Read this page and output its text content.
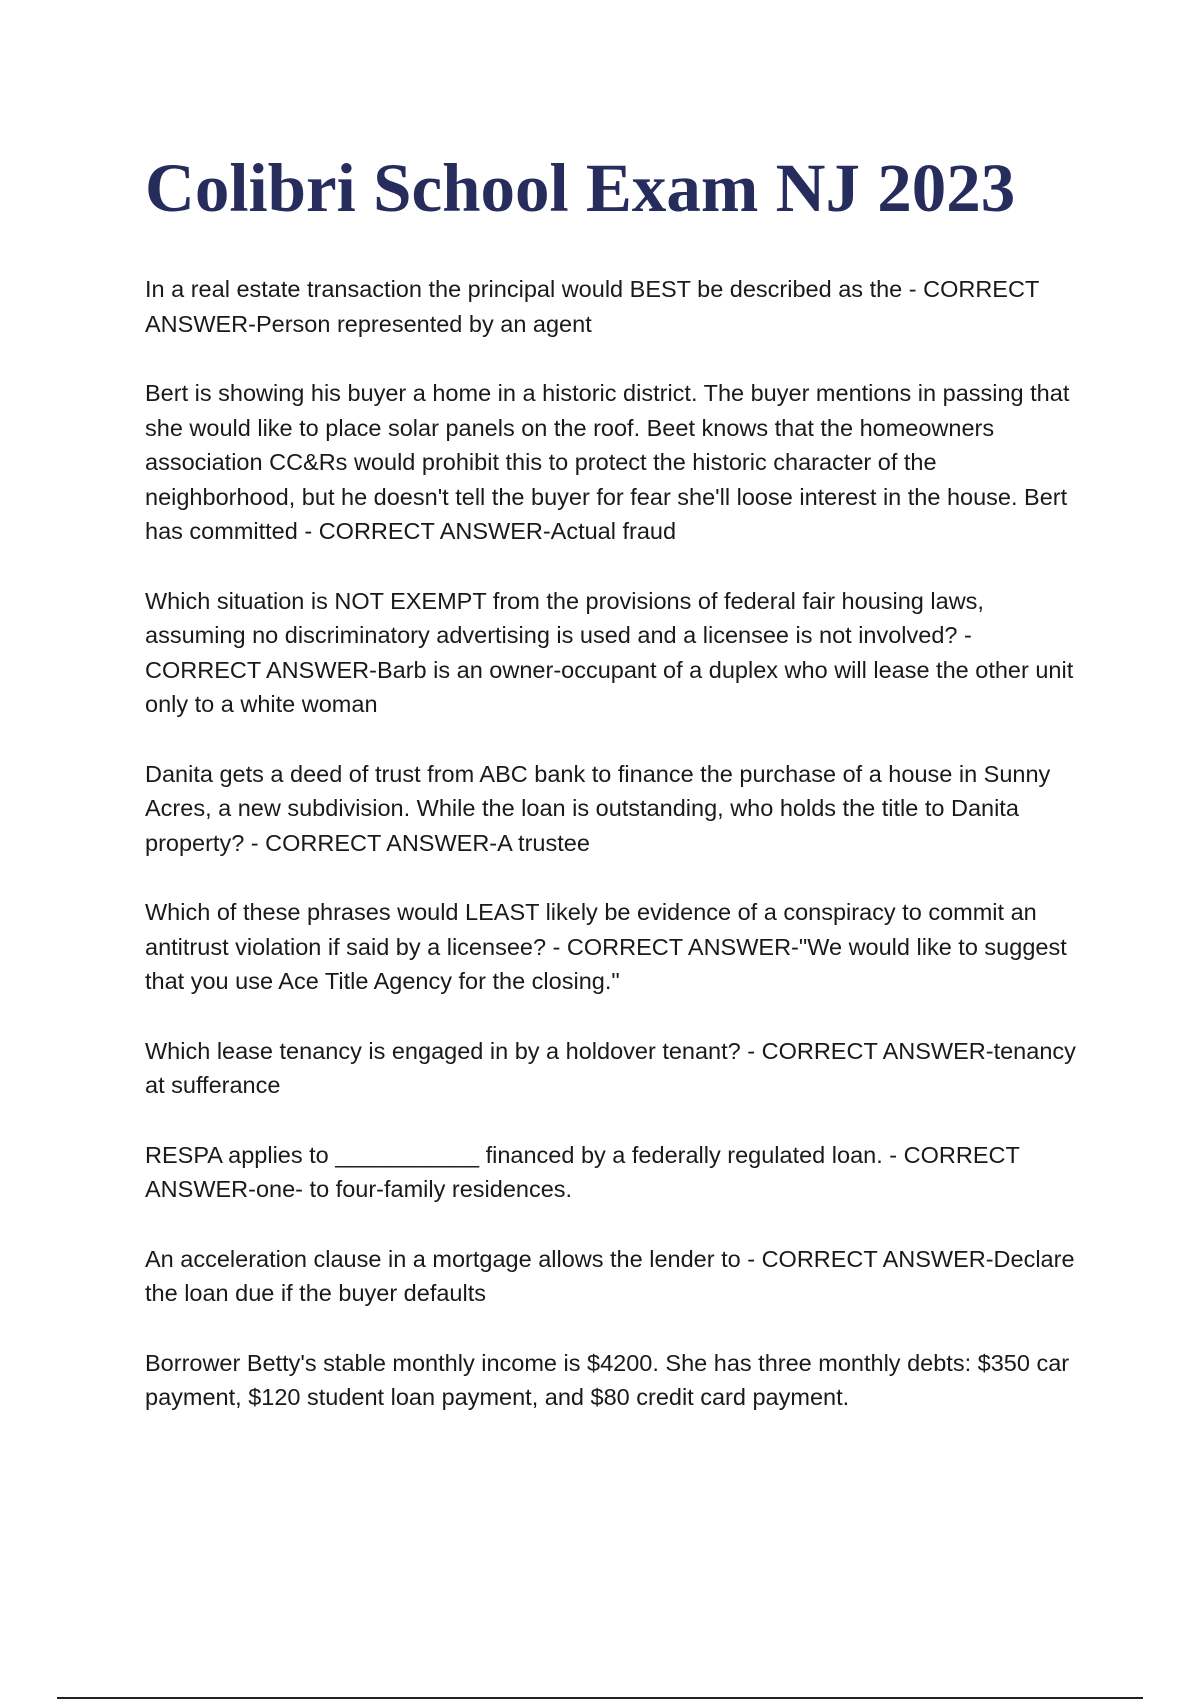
Colibri School Exam NJ 2023

In a real estate transaction the principal would BEST be described as the - CORRECT ANSWER-Person represented by an agent

Bert is showing his buyer a home in a historic district. The buyer mentions in passing that she would like to place solar panels on the roof. Beet knows that the homeowners association CC&Rs would prohibit this to protect the historic character of the neighborhood, but he doesn't tell the buyer for fear she'll loose interest in the house. Bert has committed - CORRECT ANSWER-Actual fraud

Which situation is NOT EXEMPT from the provisions of federal fair housing laws, assuming no discriminatory advertising is used and a licensee is not involved? - CORRECT ANSWER-Barb is an owner-occupant of a duplex who will lease the other unit only to a white woman

Danita gets a deed of trust from ABC bank to finance the purchase of a house in Sunny Acres, a new subdivision. While the loan is outstanding, who holds the title to Danita property? - CORRECT ANSWER-A trustee

Which of these phrases would LEAST likely be evidence of a conspiracy to commit an antitrust violation if said by a licensee? - CORRECT ANSWER-"We would like to suggest that you use Ace Title Agency for the closing."

Which lease tenancy is engaged in by a holdover tenant? - CORRECT ANSWER-tenancy at sufferance

RESPA applies to ___________ financed by a federally regulated loan. - CORRECT ANSWER-one- to four-family residences.

An acceleration clause in a mortgage allows the lender to - CORRECT ANSWER-Declare the loan due if the buyer defaults

Borrower Betty's stable monthly income is $4200. She has three monthly debts: $350 car payment, $120 student loan payment, and $80 credit card payment.
